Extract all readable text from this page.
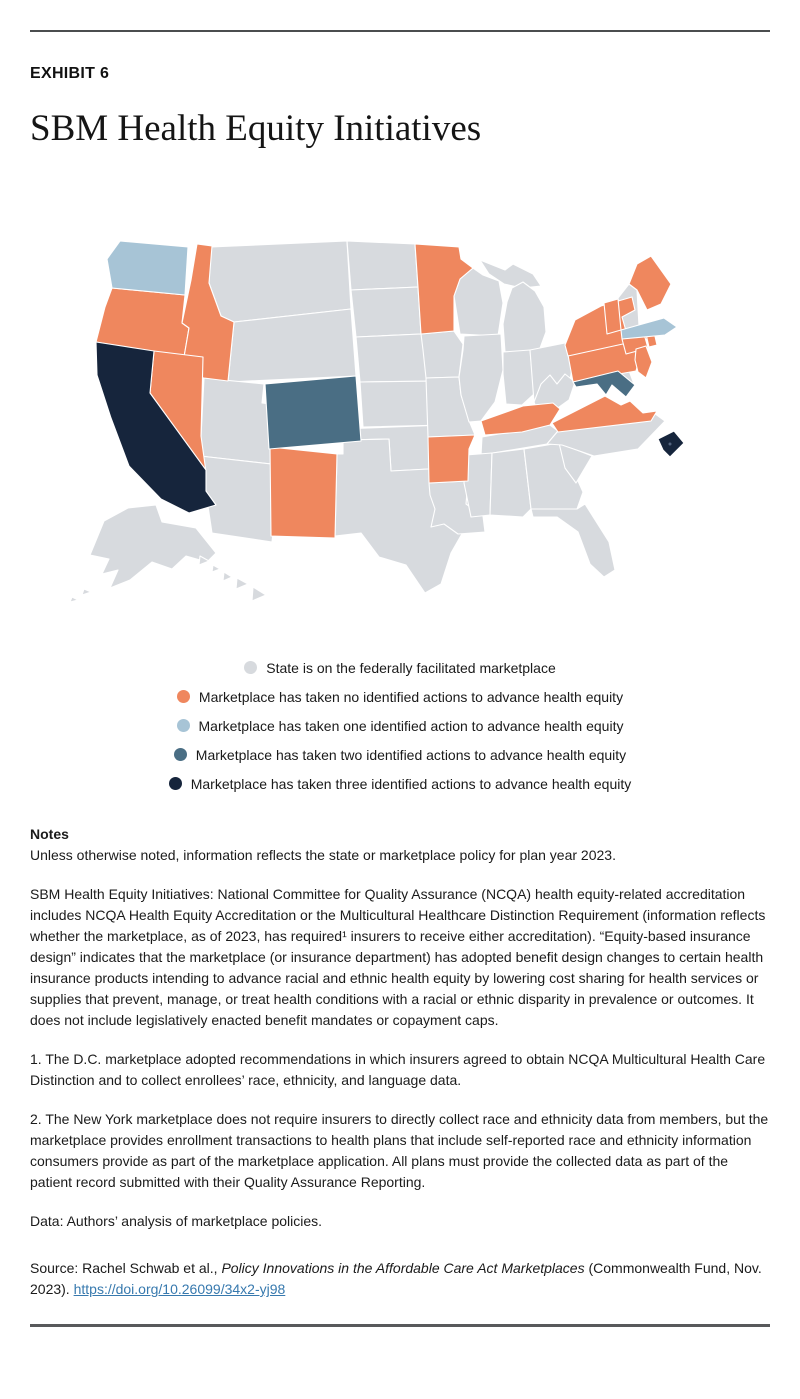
EXHIBIT 6
SBM Health Equity Initiatives
State is on the federally facilitated marketplace
Marketplace has taken no identified actions to advance health equity
Marketplace has taken one identified action to advance health equity
Marketplace has taken two identified actions to advance health equity
Marketplace has taken three identified actions to advance health equity

Notes

Unless otherwise noted, information reflects the state or marketplace policy for plan year 2023.

SBM Health Equity Initiatives: National Committee for Quality Assurance (NCQA) health equity-related accreditation includes NCQA Health Equity Accreditation or the Multicultural Healthcare Distinction Requirement (information reflects whether the marketplace, as of 2023, has required¹ insurers to receive either accreditation). “Equity-based insurance design” indicates that the marketplace (or insurance department) has adopted benefit design changes to certain health insurance products intending to advance racial and ethnic health equity by lowering cost sharing for health services or supplies that prevent, manage, or treat health conditions with a racial or ethnic disparity in prevalence or outcomes. It does not include legislatively enacted benefit mandates or copayment caps.

1. The D.C. marketplace adopted recommendations in which insurers agreed to obtain NCQA Multicultural Health Care Distinction and to collect enrollees’ race, ethnicity, and language data.

2. The New York marketplace does not require insurers to directly collect race and ethnicity data from members, but the marketplace provides enrollment transactions to health plans that include self-reported race and ethnicity information consumers provide as part of the marketplace application. All plans must provide the collected data as part of the patient record submitted with their Quality Assurance Reporting.

Data: Authors’ analysis of marketplace policies.

Source: Rachel Schwab et al., Policy Innovations in the Affordable Care Act Marketplaces (Commonwealth Fund, Nov. 2023). https://doi.org/10.26099/34x2-yj98
